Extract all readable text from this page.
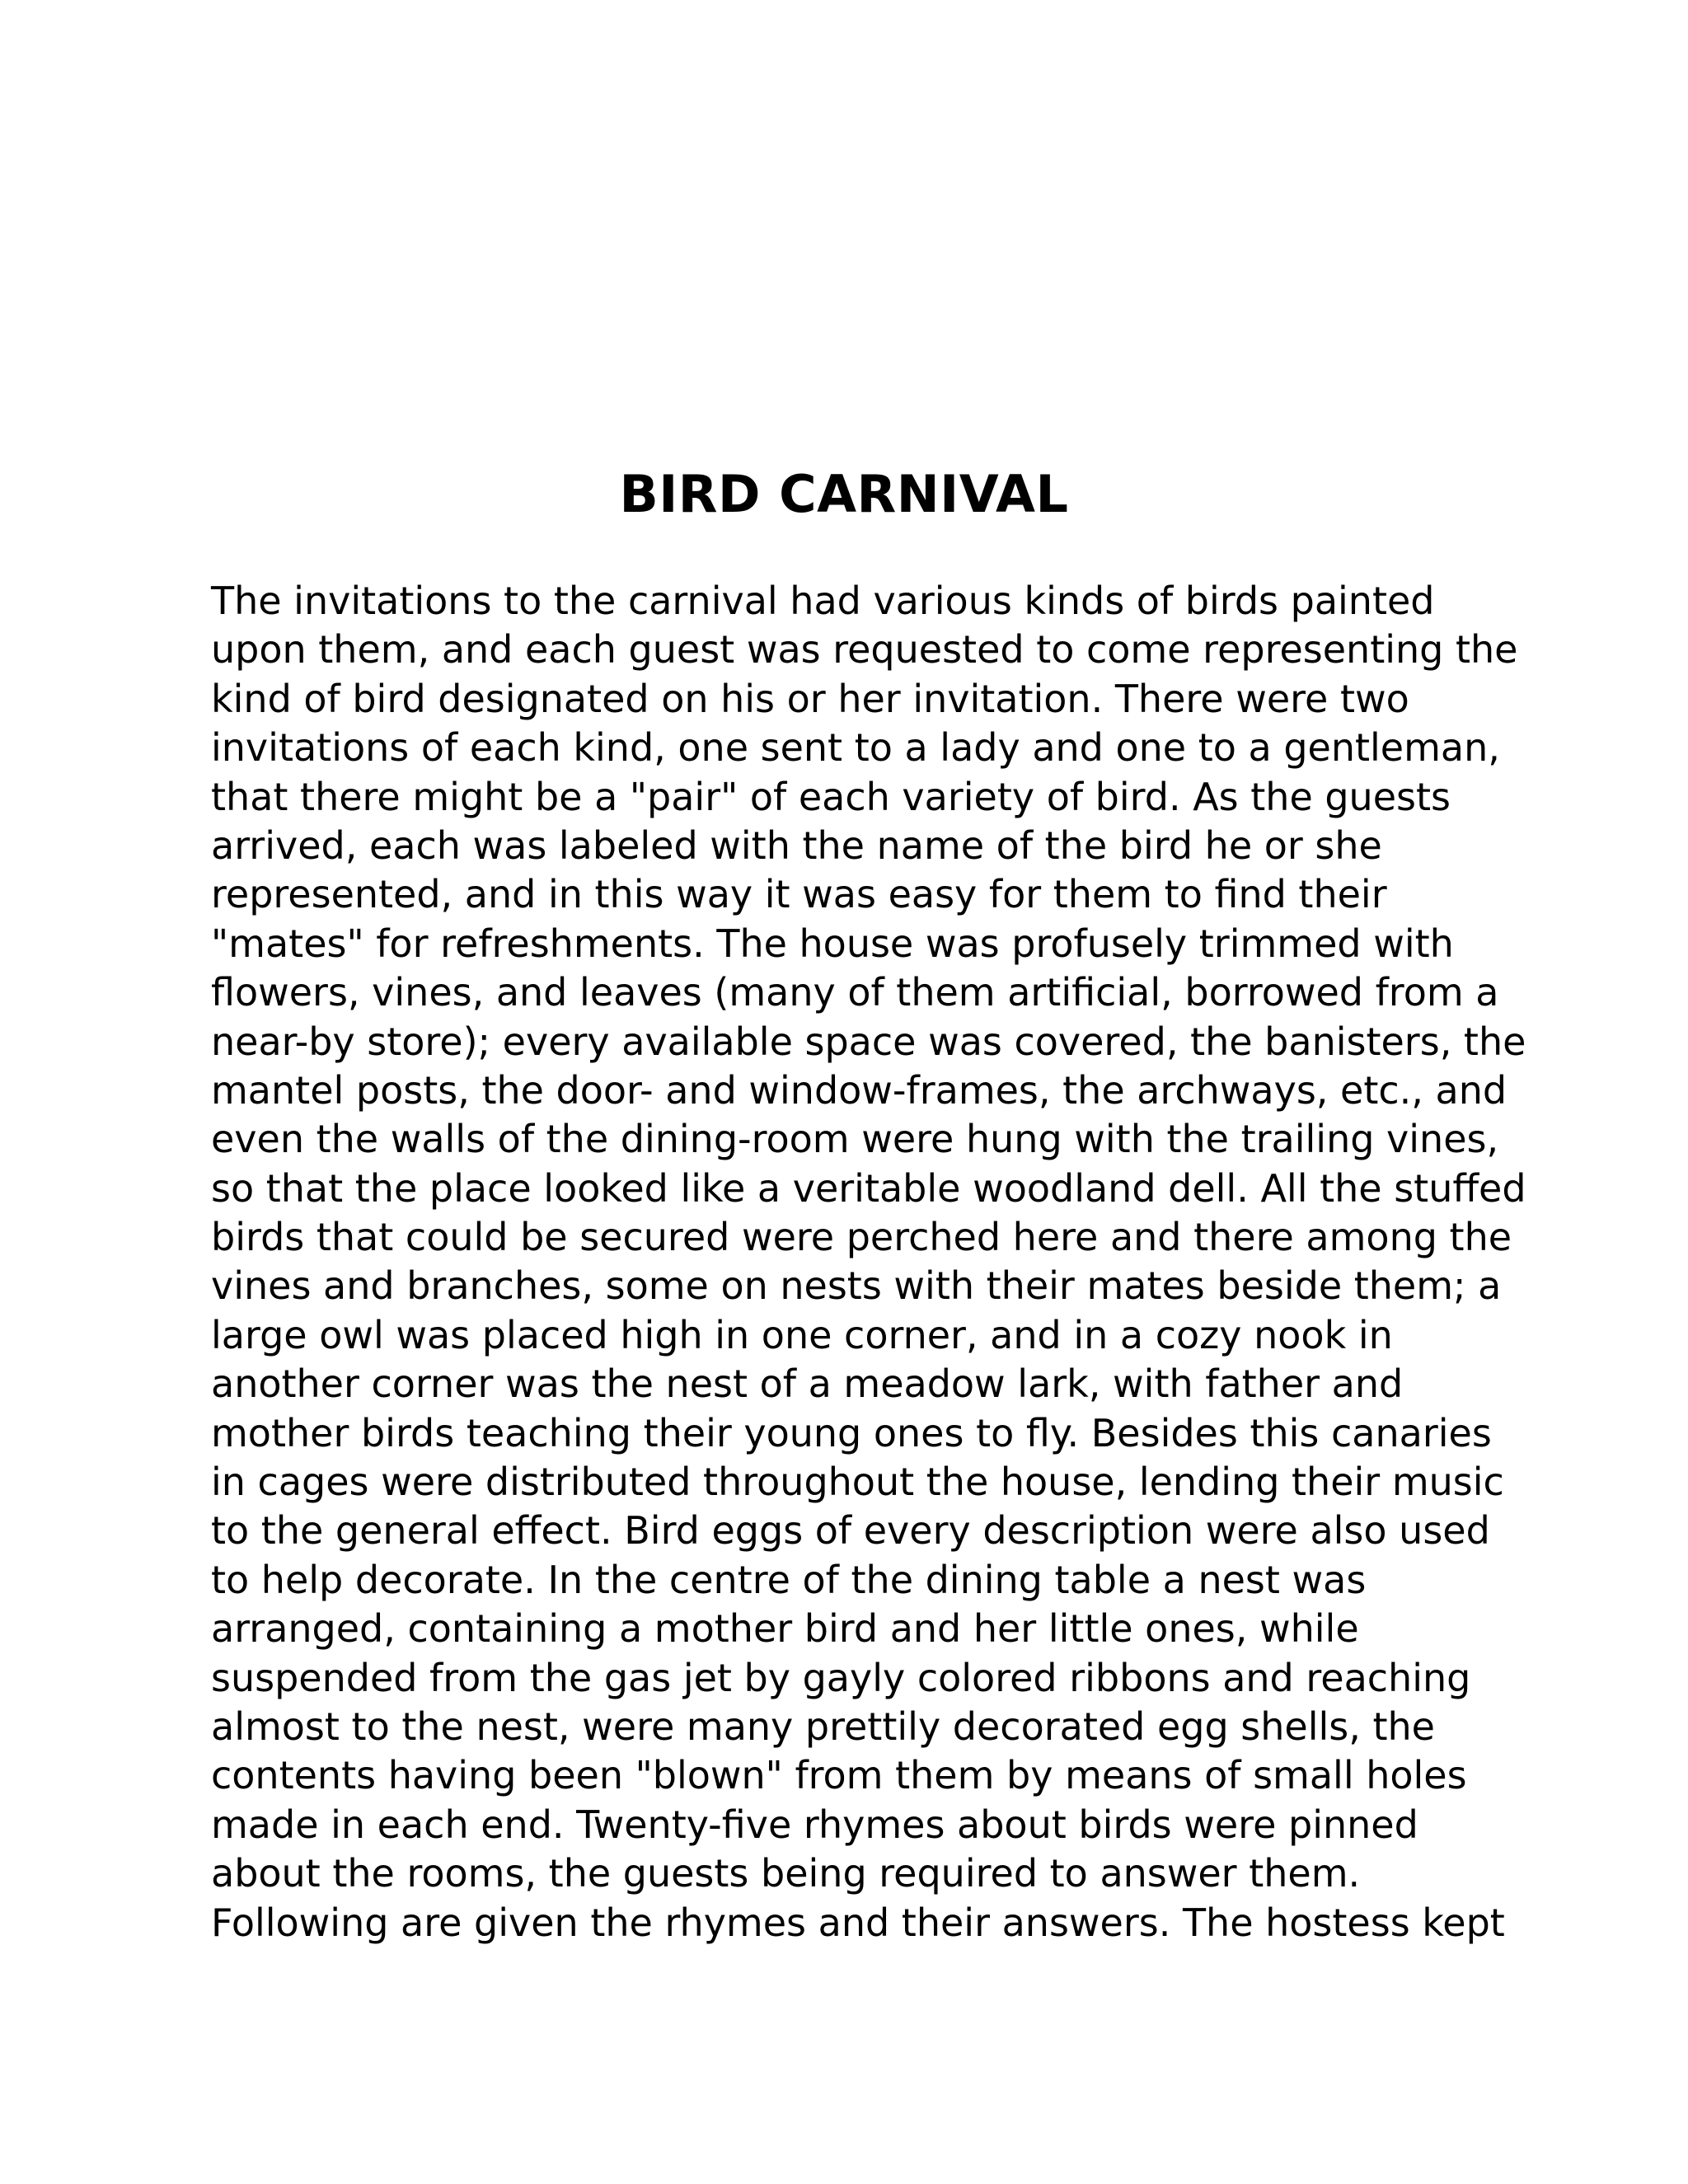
BIRD CARNIVAL
The invitations to the carnival had various kinds of birds painted
upon them, and each guest was requested to come representing the
kind of bird designated on his or her invitation. There were two
invitations of each kind, one sent to a lady and one to a gentleman,
that there might be a "pair" of each variety of bird. As the guests
arrived, each was labeled with the name of the bird he or she
represented, and in this way it was easy for them to find their
"mates" for refreshments. The house was profusely trimmed with
flowers, vines, and leaves (many of them artificial, borrowed from a
near-by store); every available space was covered, the banisters, the
mantel posts, the door- and window-frames, the archways, etc., and
even the walls of the dining-room were hung with the trailing vines,
so that the place looked like a veritable woodland dell. All the stuffed
birds that could be secured were perched here and there among the
vines and branches, some on nests with their mates beside them; a
large owl was placed high in one corner, and in a cozy nook in
another corner was the nest of a meadow lark, with father and
mother birds teaching their young ones to fly. Besides this canaries
in cages were distributed throughout the house, lending their music
to the general effect. Bird eggs of every description were also used
to help decorate. In the centre of the dining table a nest was
arranged, containing a mother bird and her little ones, while
suspended from the gas jet by gayly colored ribbons and reaching
almost to the nest, were many prettily decorated egg shells, the
contents having been "blown" from them by means of small holes
made in each end. Twenty-five rhymes about birds were pinned
about the rooms, the guests being required to answer them.
Following are given the rhymes and their answers. The hostess kept
